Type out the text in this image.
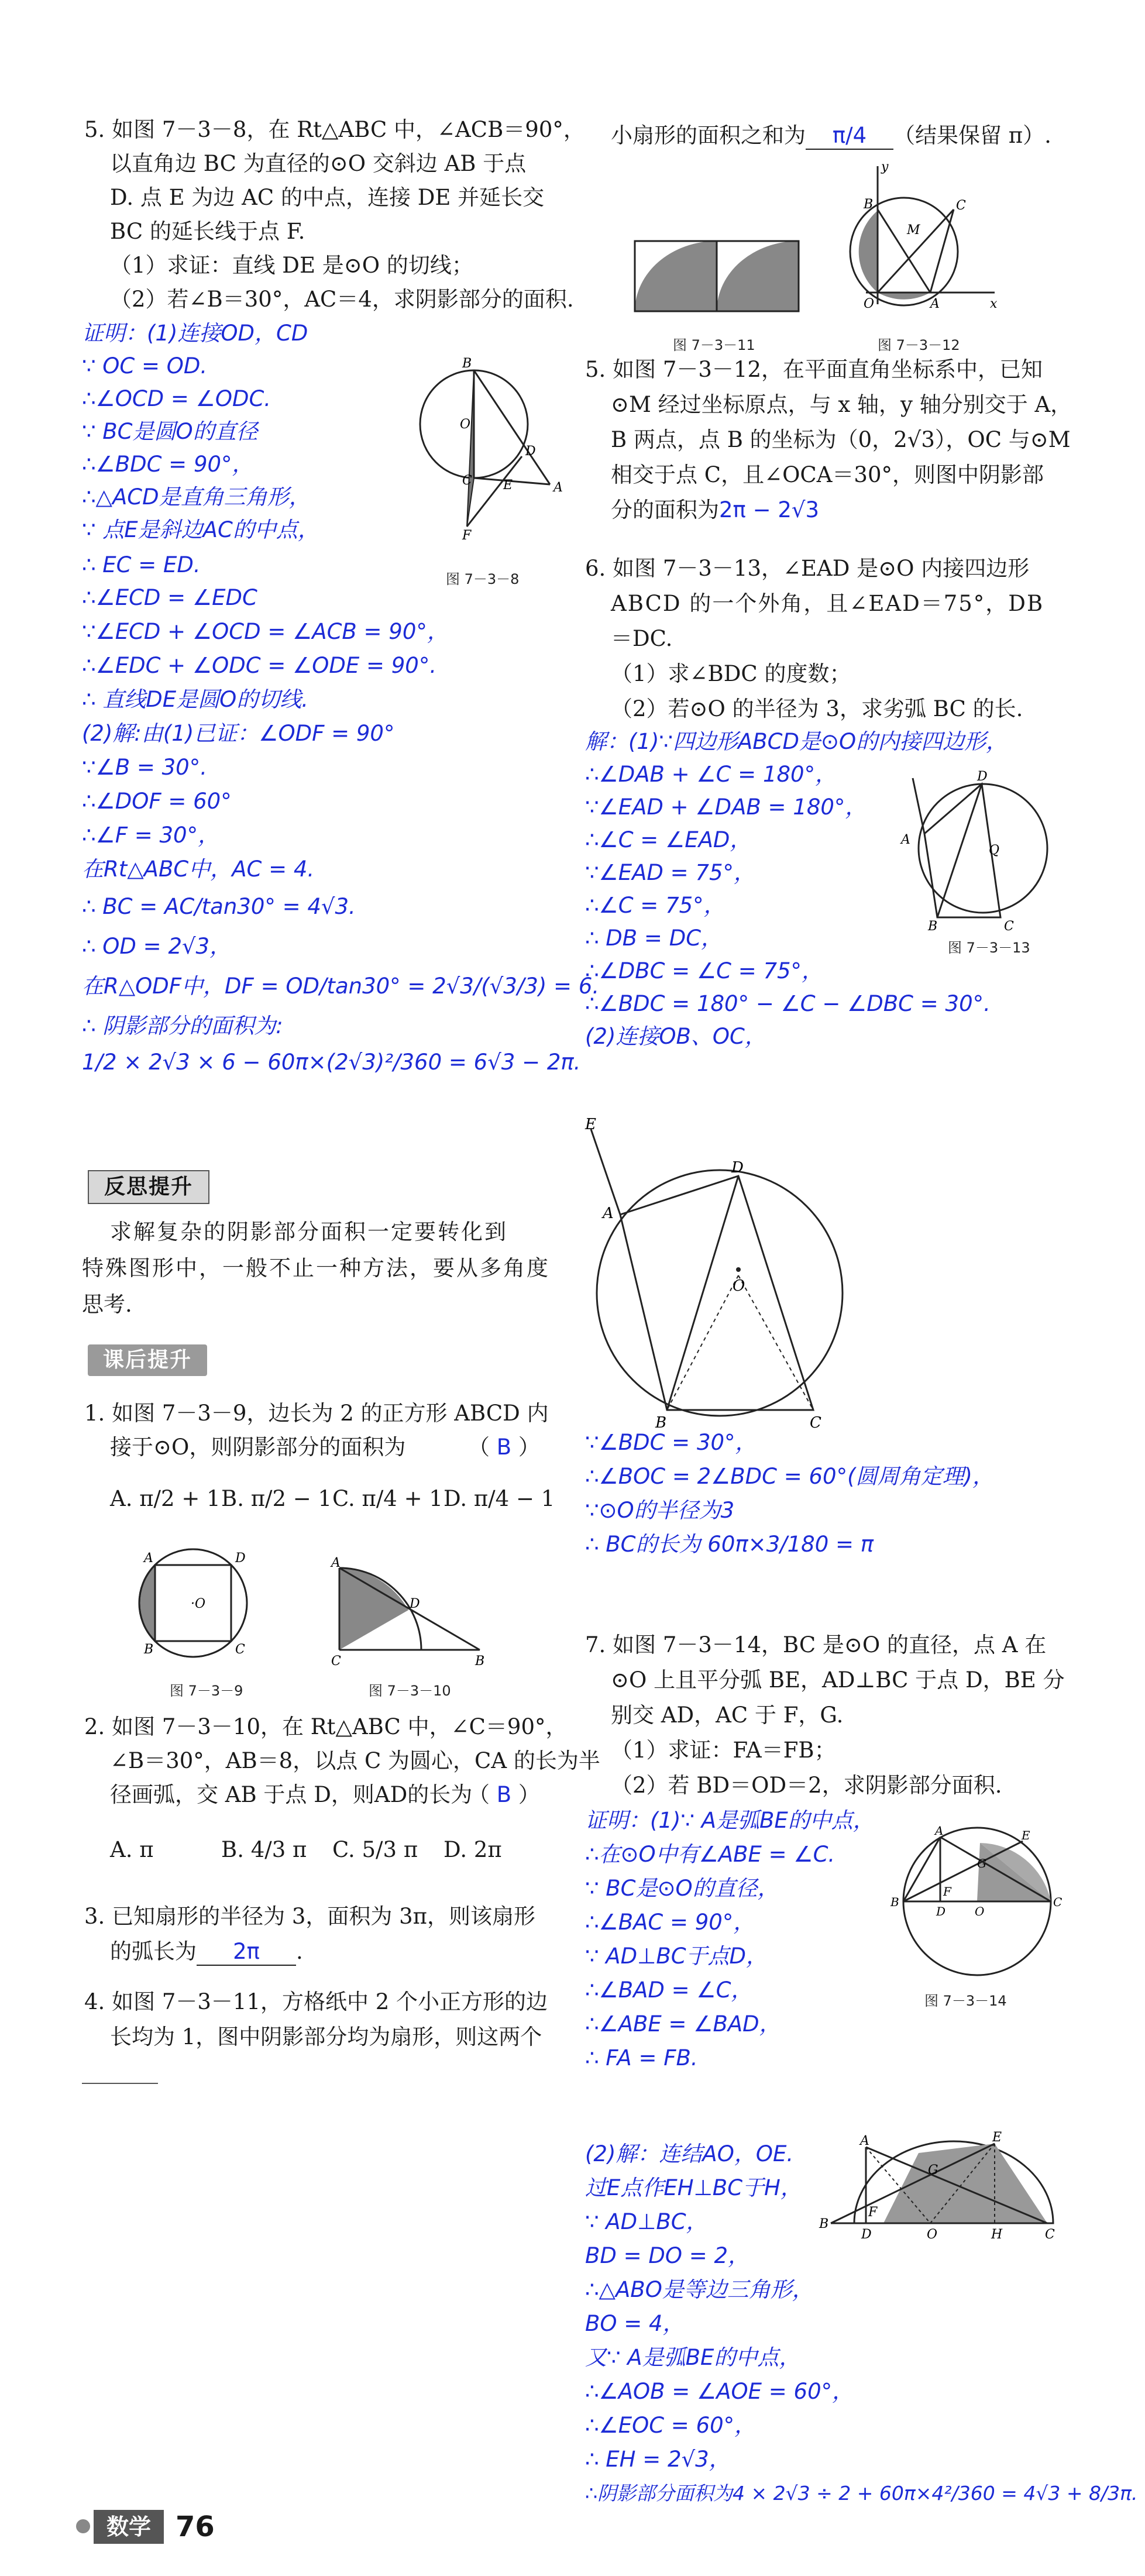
5. 如图 7－3－8，在 Rt△ABC 中，∠ACB＝90°，
以直角边 BC 为直径的⊙O 交斜边 AB 于点
D. 点 E 为边 AC 的中点，连接 DE 并延长交
BC 的延长线于点 F.
（1）求证：直线 DE 是⊙O 的切线；
（2）若∠B＝30°，AC＝4，求阴影部分的面积.
证明：(1)连接OD，CD
∵ OC = OD.
∴∠OCD = ∠ODC.
∵ BC是圆O的直径
∴∠BDC = 90°，
∴△ACD是直角三角形，
∵ 点E是斜边AC的中点，
∴ EC = ED.
∴∠ECD = ∠EDC
∵∠ECD + ∠OCD = ∠ACB = 90°，
∴∠EDC + ∠ODC = ∠ODE = 90°.
∴ 直线DE是圆O的切线.
(2)解:由(1)已证：∠ODF = 90°
∵∠B = 30°.
∴∠DOF = 60°
∴∠F = 30°，
在Rt△ABC中，AC = 4.
∴ BC = AC/tan30° = 4√3.
∴ OD = 2√3，
在R△ODF中，DF = OD/tan30° = 2√3/(√3/3) = 6.
∴ 阴影部分的面积为:
1/2 × 2√3 × 6 − 60π×(2√3)²/360 = 6√3 − 2π.
B
O
D
A
C E
F
图 7－3－8
反思提升
求解复杂的阴影部分面积一定要转化到
特殊图形中，一般不止一种方法，要从多角度
思考.
课后提升
1. 如图 7－3－9，边长为 2 的正方形 ABCD 内
接于⊙O，则阴影部分的面积为	（ B ）
A. π/2 + 1 B. π/2 − 1 C. π/4 + 1 D. π/4 − 1
A	D
B	C
·O
图 7－3－9
A
D
C	B
图 7－3－10
2. 如图 7－3－10，在 Rt△ABC 中，∠C＝90°，
∠B＝30°，AB＝8，以点 C 为圆心，CA 的长为半
径画弧，交 AB 于点 D，则AD的长为
（ B ）
A. π	B. 4/3 π C. 5/3 π D. 2π
3. 已知扇形的半径为 3，面积为 3π，则该扇形
的弧长为 2π .
4. 如图 7－3－11，方格纸中 2 个小正方形的边
长均为 1，图中阴影部分均为扇形，则这两个
小扇形的面积之和为 π/4 （结果保留 π）.
图 7－3－11
y
B
M
C
O	A	x
图 7－3－12
5. 如图 7－3－12，在平面直角坐标系中，已知
⊙M 经过坐标原点，与 x 轴，y 轴分别交于 A，
B 两点，点 B 的坐标为（0，2√3），OC 与⊙M
相交于点 C，且∠OCA＝30°，则图中阴影部
分的面积为2π − 2√3
6. 如图 7－3－13，∠EAD 是⊙O 内接四边形
ABCD 的一个外角，且∠EAD＝75°，DB
＝DC.
（1）求∠BDC 的度数；
（2）若⊙O 的半径为 3，求劣弧 BC 的长.
解：(1)∵四边形ABCD是⊙O的内接四边形，
∴∠DAB + ∠C = 180°，
∵∠EAD + ∠DAB = 180°，
∴∠C = ∠EAD，
∵∠EAD = 75°，
∴∠C = 75°，
∴ DB = DC，
∴∠DBC = ∠C = 75°，
∴∠BDC = 180° − ∠C − ∠DBC = 30°.
(2)连接OB、OC，
A
D
Q
B	C
图 7－3－13
E
A
D
O
B	C
∵∠BDC = 30°，
∴∠BOC = 2∠BDC = 60°(圆周角定理)，
∵⊙O的半径为3
∴ BC的长为 60π×3/180 = π
7. 如图 7－3－14，BC 是⊙O 的直径，点 A 在
⊙O 上且平分弧 BE，AD⊥BC 于点 D，BE 分
别交 AD，AC 于 F，G.
（1）求证：FA＝FB；
（2）若 BD＝OD＝2，求阴影部分面积.
证明：(1)∵ A是弧BE的中点，
∴在⊙O中有∠ABE = ∠C.
∵ BC是⊙O的直径，
∴∠BAC = 90°，
∵ AD⊥BC于点D，
∴∠BAD = ∠C，
∴∠ABE = ∠BAD，
∴ FA = FB.
A	E
G
F
B
D O
C
图 7－3－14
(2)解：连结AO，OE.
过E点作EH⊥BC于H，
∵ AD⊥BC，
BD = DO = 2，
∴△ABO是等边三角形，
BO = 4，
又∵ A是弧BE的中点，
∴∠AOB = ∠AOE = 60°，
∴∠EOC = 60°，
∴ EH = 2√3，
∴阴影部分面积为4 × 2√3 ÷ 2 + 60π×4²/360 = 4√3 + 8/3π.
A	E
G
F
B
D	O	H	C
数学 76
